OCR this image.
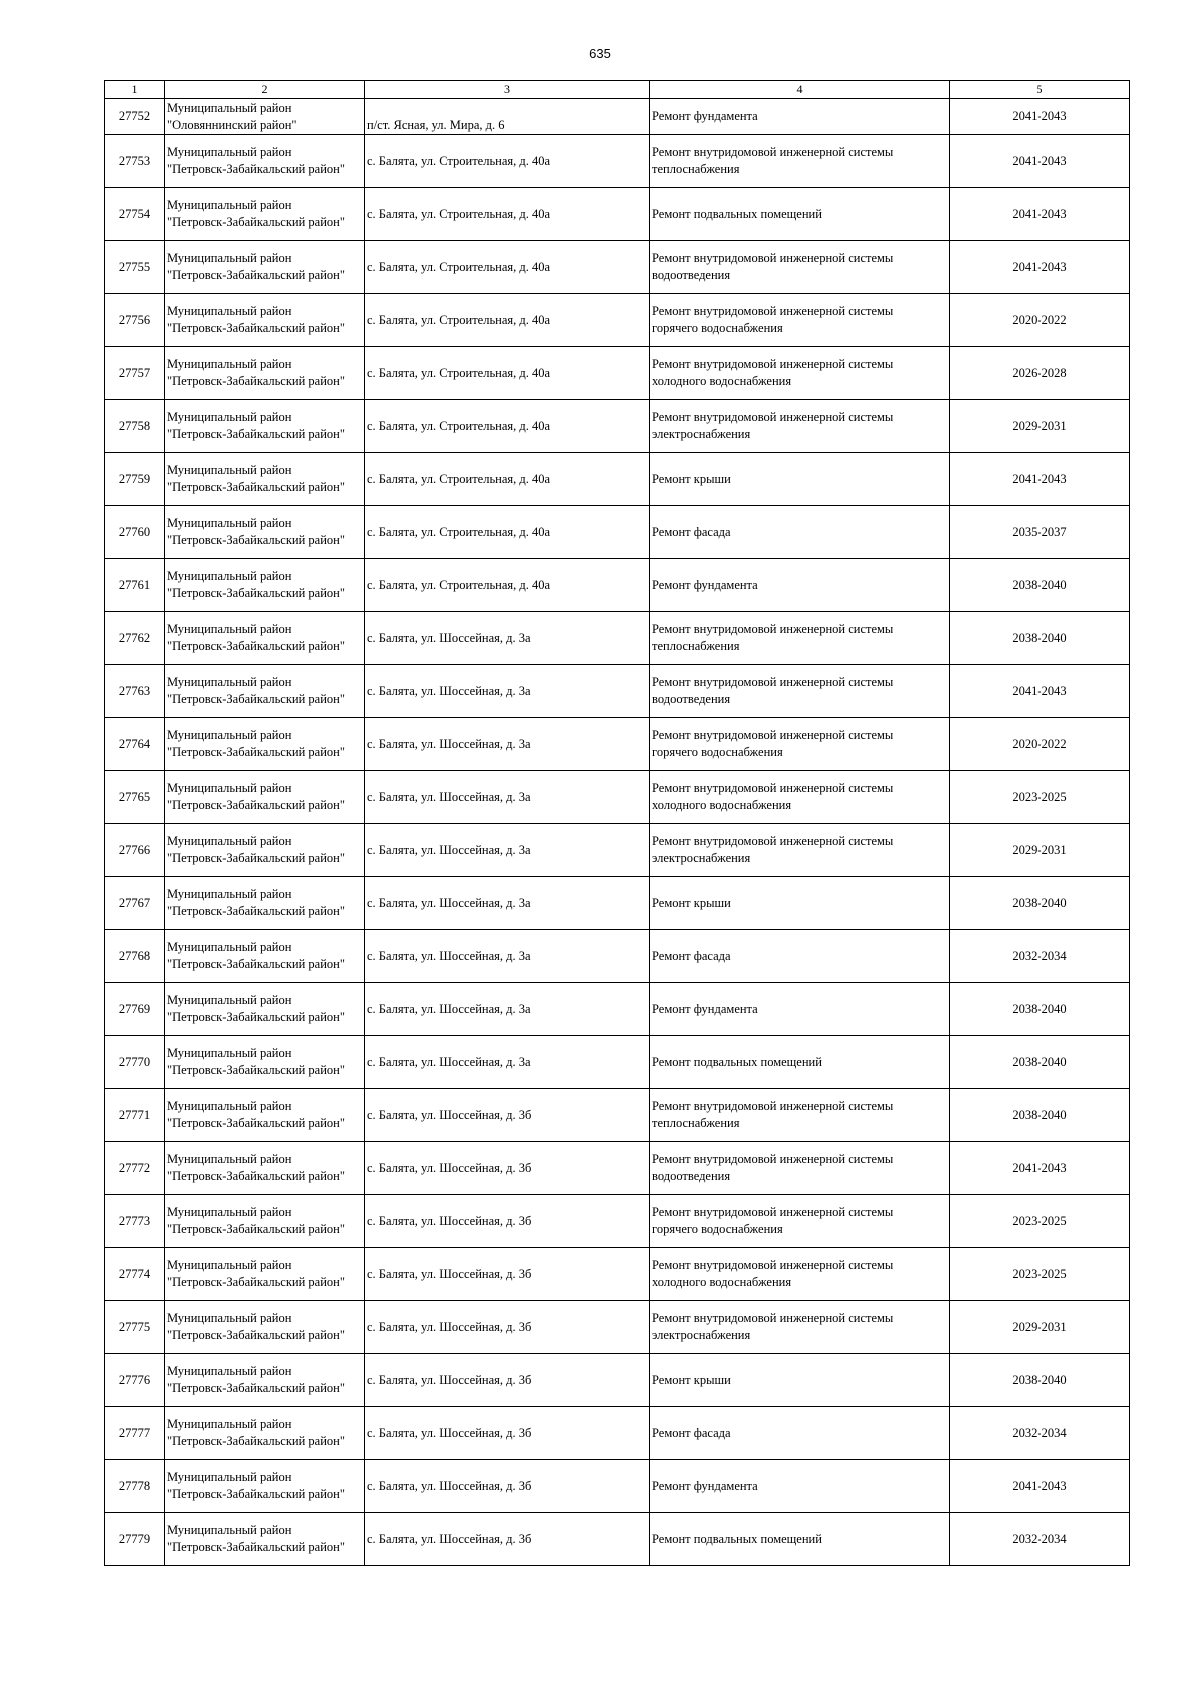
635
1	2	3	4	5
27752	Муниципальный район
"Оловяннинский район"	п/ст. Ясная, ул. Мира, д. 6	Ремонт фундамента	2041-2043
27753	Муниципальный район
"Петровск-Забайкальский район"	с. Балята, ул. Строительная, д. 40а	Ремонт внутридомовой инженерной системы
теплоснабжения	2041-2043
27754	Муниципальный район
"Петровск-Забайкальский район"	с. Балята, ул. Строительная, д. 40а	Ремонт подвальных помещений	2041-2043
27755	Муниципальный район
"Петровск-Забайкальский район"	с. Балята, ул. Строительная, д. 40а	Ремонт внутридомовой инженерной системы
водоотведения	2041-2043
27756	Муниципальный район
"Петровск-Забайкальский район"	с. Балята, ул. Строительная, д. 40а	Ремонт внутридомовой инженерной системы
горячего водоснабжения	2020-2022
27757	Муниципальный район
"Петровск-Забайкальский район"	с. Балята, ул. Строительная, д. 40а	Ремонт внутридомовой инженерной системы
холодного водоснабжения	2026-2028
27758	Муниципальный район
"Петровск-Забайкальский район"	с. Балята, ул. Строительная, д. 40а	Ремонт внутридомовой инженерной системы
электроснабжения	2029-2031
27759	Муниципальный район
"Петровск-Забайкальский район"	с. Балята, ул. Строительная, д. 40а	Ремонт крыши	2041-2043
27760	Муниципальный район
"Петровск-Забайкальский район"	с. Балята, ул. Строительная, д. 40а	Ремонт фасада	2035-2037
27761	Муниципальный район
"Петровск-Забайкальский район"	с. Балята, ул. Строительная, д. 40а	Ремонт фундамента	2038-2040
27762	Муниципальный район
"Петровск-Забайкальский район"	с. Балята, ул. Шоссейная, д. 3а	Ремонт внутридомовой инженерной системы
теплоснабжения	2038-2040
27763	Муниципальный район
"Петровск-Забайкальский район"	с. Балята, ул. Шоссейная, д. 3а	Ремонт внутридомовой инженерной системы
водоотведения	2041-2043
27764	Муниципальный район
"Петровск-Забайкальский район"	с. Балята, ул. Шоссейная, д. 3а	Ремонт внутридомовой инженерной системы
горячего водоснабжения	2020-2022
27765	Муниципальный район
"Петровск-Забайкальский район"	с. Балята, ул. Шоссейная, д. 3а	Ремонт внутридомовой инженерной системы
холодного водоснабжения	2023-2025
27766	Муниципальный район
"Петровск-Забайкальский район"	с. Балята, ул. Шоссейная, д. 3а	Ремонт внутридомовой инженерной системы
электроснабжения	2029-2031
27767	Муниципальный район
"Петровск-Забайкальский район"	с. Балята, ул. Шоссейная, д. 3а	Ремонт крыши	2038-2040
27768	Муниципальный район
"Петровск-Забайкальский район"	с. Балята, ул. Шоссейная, д. 3а	Ремонт фасада	2032-2034
27769	Муниципальный район
"Петровск-Забайкальский район"	с. Балята, ул. Шоссейная, д. 3а	Ремонт фундамента	2038-2040
27770	Муниципальный район
"Петровск-Забайкальский район"	с. Балята, ул. Шоссейная, д. 3а	Ремонт подвальных помещений	2038-2040
27771	Муниципальный район
"Петровск-Забайкальский район"	с. Балята, ул. Шоссейная, д. 3б	Ремонт внутридомовой инженерной системы
теплоснабжения	2038-2040
27772	Муниципальный район
"Петровск-Забайкальский район"	с. Балята, ул. Шоссейная, д. 3б	Ремонт внутридомовой инженерной системы
водоотведения	2041-2043
27773	Муниципальный район
"Петровск-Забайкальский район"	с. Балята, ул. Шоссейная, д. 3б	Ремонт внутридомовой инженерной системы
горячего водоснабжения	2023-2025
27774	Муниципальный район
"Петровск-Забайкальский район"	с. Балята, ул. Шоссейная, д. 3б	Ремонт внутридомовой инженерной системы
холодного водоснабжения	2023-2025
27775	Муниципальный район
"Петровск-Забайкальский район"	с. Балята, ул. Шоссейная, д. 3б	Ремонт внутридомовой инженерной системы
электроснабжения	2029-2031
27776	Муниципальный район
"Петровск-Забайкальский район"	с. Балята, ул. Шоссейная, д. 3б	Ремонт крыши	2038-2040
27777	Муниципальный район
"Петровск-Забайкальский район"	с. Балята, ул. Шоссейная, д. 3б	Ремонт фасада	2032-2034
27778	Муниципальный район
"Петровск-Забайкальский район"	с. Балята, ул. Шоссейная, д. 3б	Ремонт фундамента	2041-2043
27779	Муниципальный район
"Петровск-Забайкальский район"	с. Балята, ул. Шоссейная, д. 3б	Ремонт подвальных помещений	2032-2034
